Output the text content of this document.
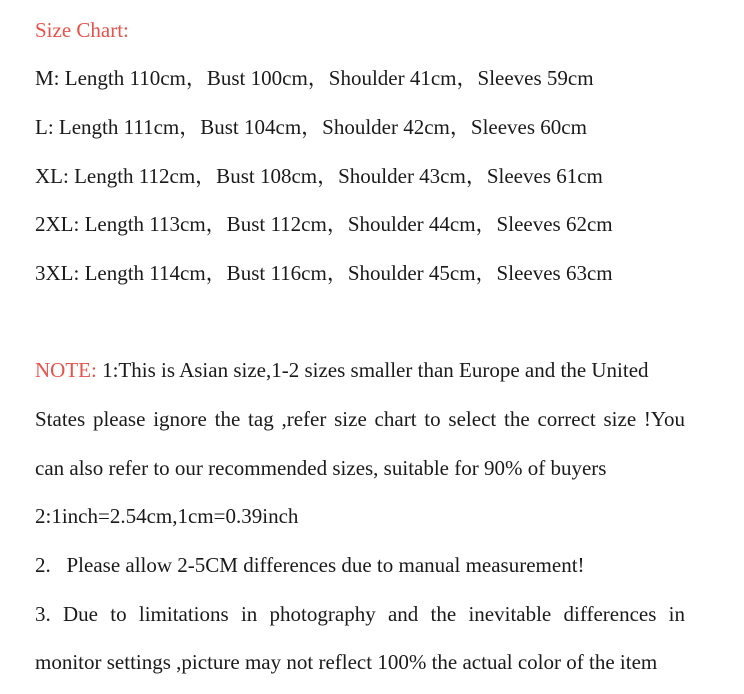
Size Chart:
M: Length 110cm，Bust 100cm，Shoulder 41cm，Sleeves 59cm
L: Length 111cm，Bust 104cm，Shoulder 42cm，Sleeves 60cm
XL: Length 112cm，Bust 108cm，Shoulder 43cm，Sleeves 61cm
2XL: Length 113cm，Bust 112cm，Shoulder 44cm，Sleeves 62cm
3XL: Length 114cm，Bust 116cm，Shoulder 45cm，Sleeves 63cm
NOTE: 1:This is Asian size,1-2 sizes smaller than Europe and the United
States please ignore the tag ,refer size chart to select the correct size !You
can also refer to our recommended sizes, suitable for 90% of buyers
2:1inch=2.54cm,1cm=0.39inch
2.   Please allow 2-5CM differences due to manual measurement!
3. Due to limitations in photography and the inevitable differences in
monitor settings ,picture may not reflect 100% the actual color of the item
